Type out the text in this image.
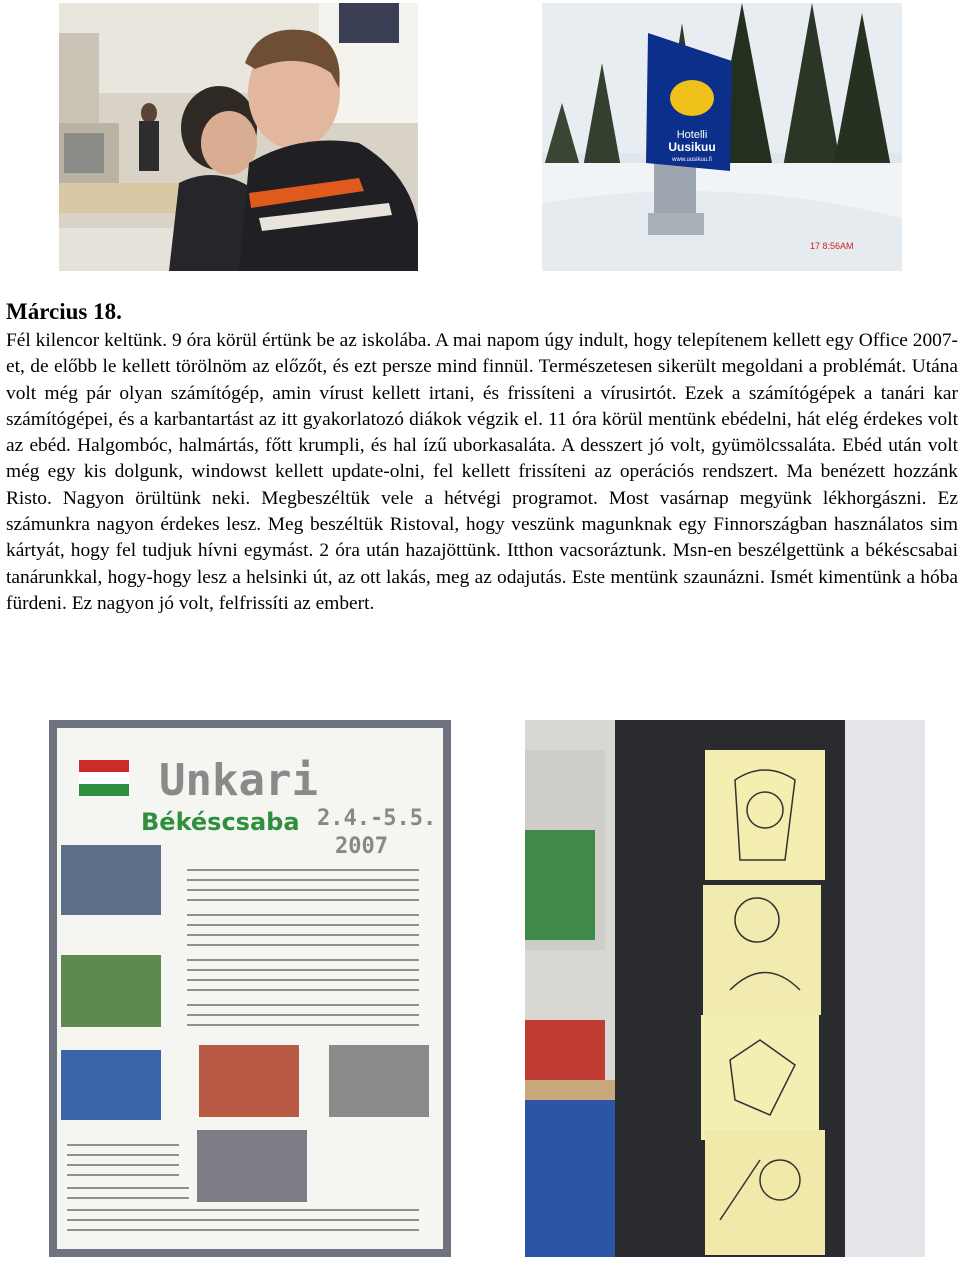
Hotelli
Uusikuu
www.uusikuu.fi
17 8:56AM
Március 18.

Fél kilencor keltünk. 9 óra körül értünk be az iskolába. A mai napom úgy indult, hogy telepítenem kellett egy Office 2007-et, de előbb le kellett törölnöm az előzőt, és ezt persze mind finnül. Természetesen sikerült megoldani a problémát. Utána volt még pár olyan számítógép, amin vírust kellett irtani, és frissíteni a vírusirtót. Ezek a számítógépek a tanári kar számítógépei, és a karbantartást az itt gyakorlatozó diákok végzik el. 11 óra körül mentünk ebédelni, hát elég érdekes volt az ebéd. Halgombóc, halmártás, főtt krumpli, és hal ízű uborkasaláta. A desszert jó volt, gyümölcssaláta. Ebéd után volt még egy kis dolgunk, windowst kellett update-olni, fel kellett frissíteni az operációs rendszert. Ma benézett hozzánk Risto. Nagyon örültünk neki. Megbeszéltük vele a hétvégi programot. Most vasárnap megyünk lékhorgászni. Ez számunkra nagyon érdekes lesz. Meg beszéltük Ristoval, hogy veszünk magunknak egy Finnországban használatos sim kártyát, hogy fel tudjuk hívni egymást. 2 óra után hazajöttünk. Itthon vacsoráztunk. Msn-en beszélgettünk a békéscsabai tanárunkkal, hogy-hogy lesz a helsinki út, az ott lakás, meg az odajutás. Este mentünk szaunázni. Ismét kimentünk a hóba fürdeni. Ez nagyon jó volt, felfrissíti az embert.

Unkari
Békéscsaba 2.4.-5.5.
2007
